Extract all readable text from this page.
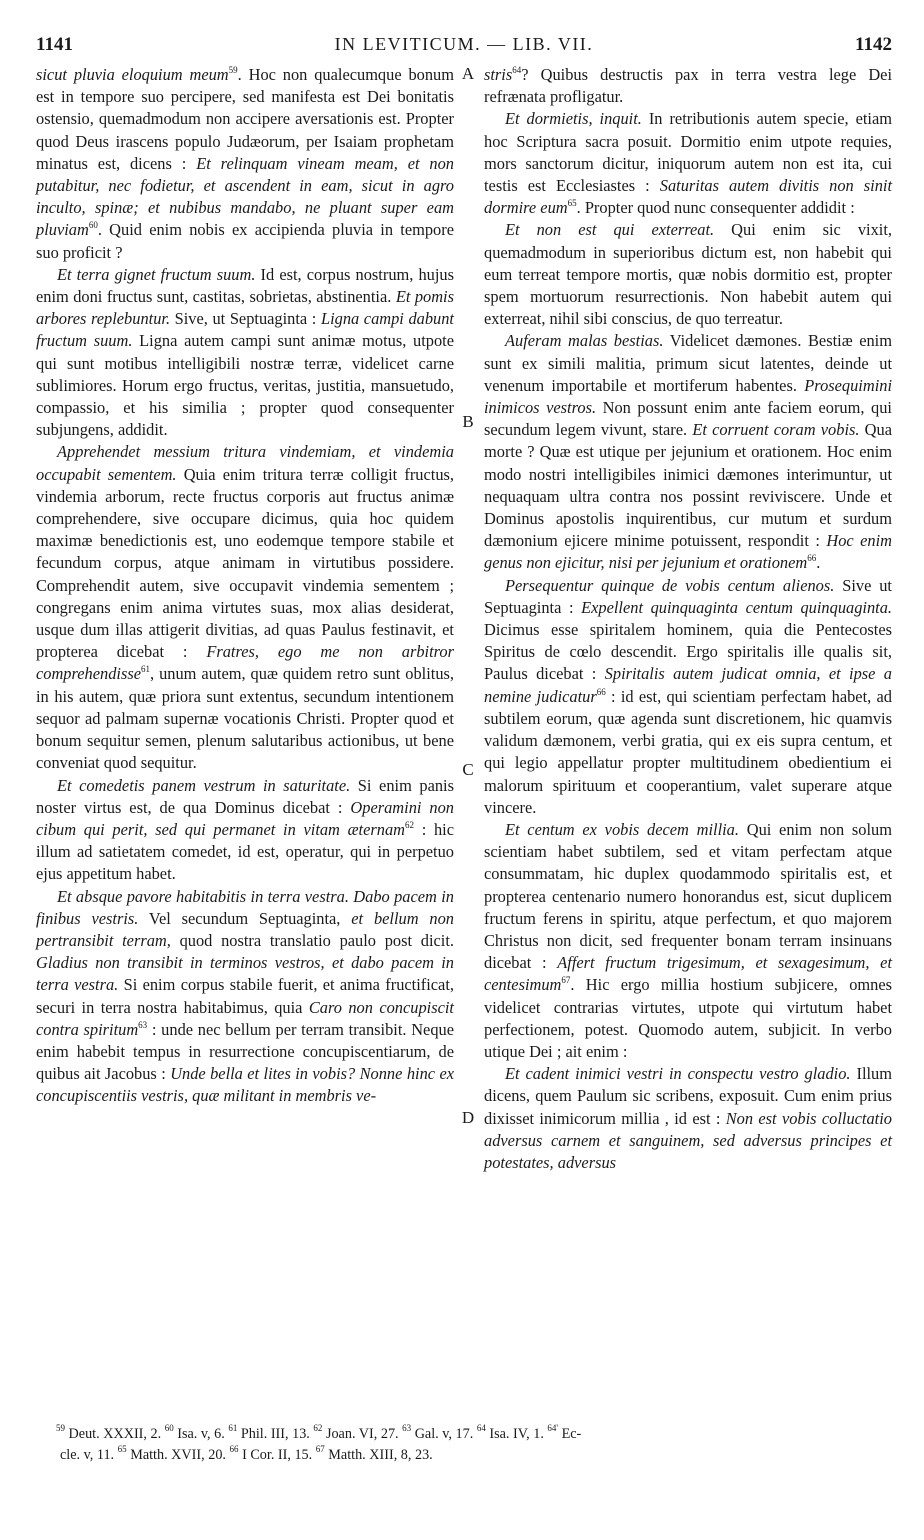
1141	IN LEVITICUM. — LIB. VII.	1142

sicut pluvia eloquium meum$^{59}$. Hoc non qualecumque bonum est in tempore suo percipere, sed manifesta est Dei bonitatis ostensio, quemadmodum non accipere aversationis est. Propter quod Deus irascens populo Judæorum, per Isaiam prophetam minatus est, dicens : Et relinquam vineam meam, et non putabitur, nec fodietur, et ascendent in eam, sicut in agro inculto, spinæ; et nubibus mandabo, ne pluant super eam pluviam$^{60}$. Quid enim nobis ex accipienda pluvia in tempore suo proficit ?

Et terra gignet fructum suum. Id est, corpus nostrum, hujus enim doni fructus sunt, castitas, sobrietas, abstinentia. Et pomis arbores replebuntur. Sive, ut Septuaginta : Ligna campi dabunt fructum suum. Ligna autem campi sunt animæ motus, utpote qui sunt motibus intelligibili nostræ terræ, videlicet carne sublimiores. Horum ergo fructus, veritas, justitia, mansuetudo, compassio, et his similia ; propter quod consequenter subjungens, addidit.

Apprehendet messium tritura vindemiam, et vindemia occupabit sementem. Quia enim tritura terræ colligit fructus, vindemia arborum, recte fructus corporis aut fructus animæ comprehendere, sive occupare dicimus, quia hoc quidem maximæ benedictionis est, uno eodemque tempore stabile et fecundum corpus, atque animam in virtutibus possidere. Comprehendit autem, sive occupavit vindemia sementem ; congregans enim anima virtutes suas, mox alias desiderat, usque dum illas attigerit divitias, ad quas Paulus festinavit, et propterea dicebat : Fratres, ego me non arbitror comprehendisse$^{61}$, unum autem, quæ quidem retro sunt oblitus, in his autem, quæ priora sunt extentus, secundum intentionem sequor ad palmam supernæ vocationis Christi. Propter quod et bonum sequitur semen, plenum salutaribus actionibus, ut bene conveniat quod sequitur.

Et comedetis panem vestrum in saturitate. Si enim panis noster virtus est, de qua Dominus dicebat : Operamini non cibum qui perit, sed qui permanet in vitam æternam$^{62}$ : hic illum ad satietatem comedet, id est, operatur, qui in perpetuo ejus appetitum habet.

Et absque pavore habitabitis in terra vestra. Dabo pacem in finibus vestris. Vel secundum Septuaginta, et bellum non pertransibit terram, quod nostra translatio paulo post dicit. Gladius non transibit in terminos vestros, et dabo pacem in terra vestra. Si enim corpus stabile fuerit, et anima fructificat, securi in terra nostra habitabimus, quia Caro non concupiscit contra spiritum$^{63}$ : unde nec bellum per terram transibit. Neque enim habebit tempus in resurrectione concupiscentiarum, de quibus ait Jacobus : Unde bella et lites in vobis? Nonne hinc ex concupiscentiis vestris, quæ militant in membris ve-

stris$^{64}$? Quibus destructis pax in terra vestra lege Dei refrænata profligatur.

Et dormietis, inquit. In retributionis autem specie, etiam hoc Scriptura sacra posuit. Dormitio enim utpote requies, mors sanctorum dicitur, iniquorum autem non est ita, cui testis est Ecclesiastes : Saturitas autem divitis non sinit dormire eum$^{65}$. Propter quod nunc consequenter addidit :

Et non est qui exterreat. Qui enim sic vixit, quemadmodum in superioribus dictum est, non habebit qui eum terreat tempore mortis, quæ nobis dormitio est, propter spem mortuorum resurrectionis. Non habebit autem qui exterreat, nihil sibi conscius, de quo terreatur.

Auferam malas bestias. Videlicet dæmones. Bestiæ enim sunt ex simili malitia, primum sicut latentes, deinde ut venenum importabile et mortiferum habentes. Prosequimini inimicos vestros. Non possunt enim ante faciem eorum, qui secundum legem vivunt, stare. Et corruent coram vobis. Qua morte ? Quæ est utique per jejunium et orationem. Hoc enim modo nostri intelligibiles inimici dæmones interimuntur, ut nequaquam ultra contra nos possint reviviscere. Unde et Dominus apostolis inquirentibus, cur mutum et surdum dæmonium ejicere minime potuissent, respondit : Hoc enim genus non ejicitur, nisi per jejunium et orationem$^{66}$.

Persequentur quinque de vobis centum alienos. Sive ut Septuaginta : Expellent quinquaginta centum quinquaginta. Dicimus esse spiritalem hominem, quia die Pentecostes Spiritus de cœlo descendit. Ergo spiritalis ille qualis sit, Paulus dicebat : Spiritalis autem judicat omnia, et ipse a nemine judicatur$^{66}$ : id est, qui scientiam perfectam habet, ad subtilem eorum, quæ agenda sunt discretionem, hic quamvis validum dæmonem, verbi gratia, qui ex eis supra centum, et qui legio appellatur propter multitudinem obedientium ei malorum spirituum et cooperantium, valet superare atque vincere.

Et centum ex vobis decem millia. Qui enim non solum scientiam habet subtilem, sed et vitam perfectam atque consummatam, hic duplex quodammodo spiritalis est, et propterea centenario numero honorandus est, sicut duplicem fructum ferens in spiritu, atque perfectum, et quo majorem Christus non dicit, sed frequenter bonam terram insinuans dicebat : Affert fructum trigesimum, et sexagesimum, et centesimum$^{67}$. Hic ergo millia hostium subjicere, omnes videlicet contrarias virtutes, utpote qui virtutum habet perfectionem, potest. Quomodo autem, subjicit. In verbo utique Dei ; ait enim :

Et cadent inimici vestri in conspectu vestro gladio. Illum dicens, quem Paulum sic scribens, exposuit. Cum enim prius dixisset inimicorum millia , id est : Non est vobis colluctatio adversus carnem et sanguinem, sed adversus principes et potestates, adversus

A
B
C
D
$^{59}$ Deut. XXXII, 2. $^{60}$ Isa. v, 6. $^{61}$ Phil. III, 13. $^{62}$ Joan. VI, 27. $^{63}$ Gal. v, 17. $^{64}$ Isa. IV, 1. $^{64'}$ Ec-
cle. v, 11. $^{65}$ Matth. XVII, 20. $^{66}$ I Cor. II, 15. $^{67}$ Matth. XIII, 8, 23.
